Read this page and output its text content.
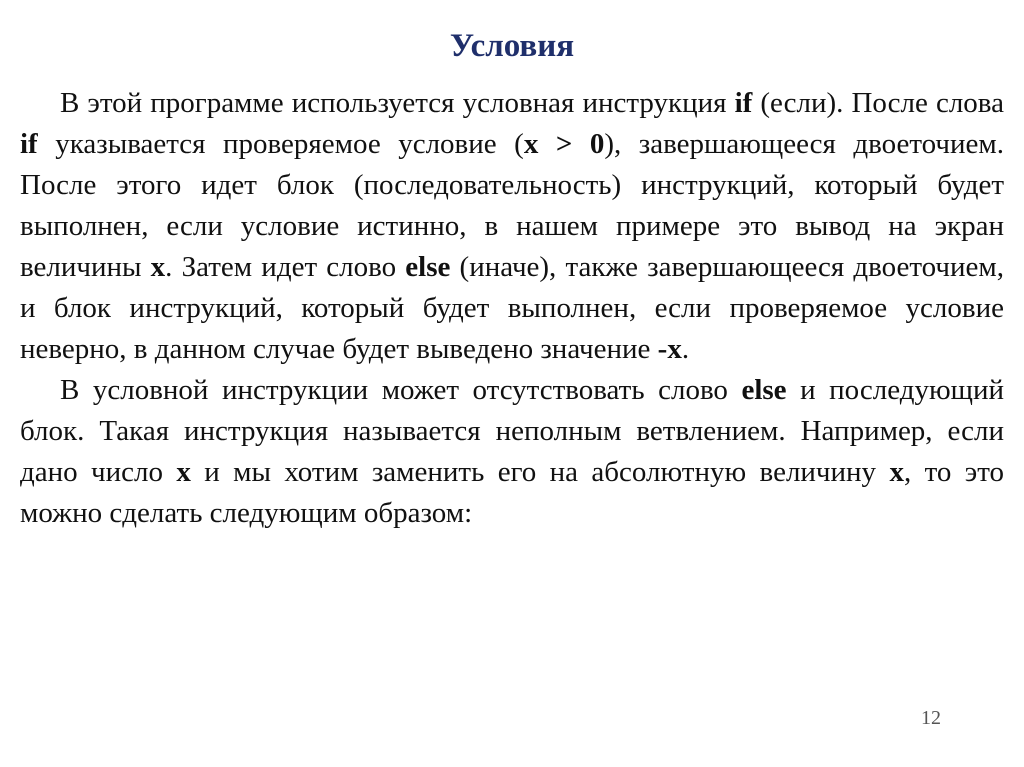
Условия

В этой программе используется условная инструкция if (если). После слова if указывается проверяемое условие (x > 0), завершающееся двоеточием. После этого идет блок (последовательность) инструкций, который будет выполнен, если условие истинно, в нашем примере это вывод на экран величины x. Затем идет слово else (иначе), также завершающееся двоеточием, и блок инструкций, который будет выполнен, если проверяемое условие неверно, в данном случае будет выведено значение -x.

В условной инструкции может отсутствовать слово else и последующий блок. Такая инструкция называется неполным ветвлением. Например, если дано число x и мы хотим заменить его на абсолютную величину x, то это можно сделать следующим образом:

12
